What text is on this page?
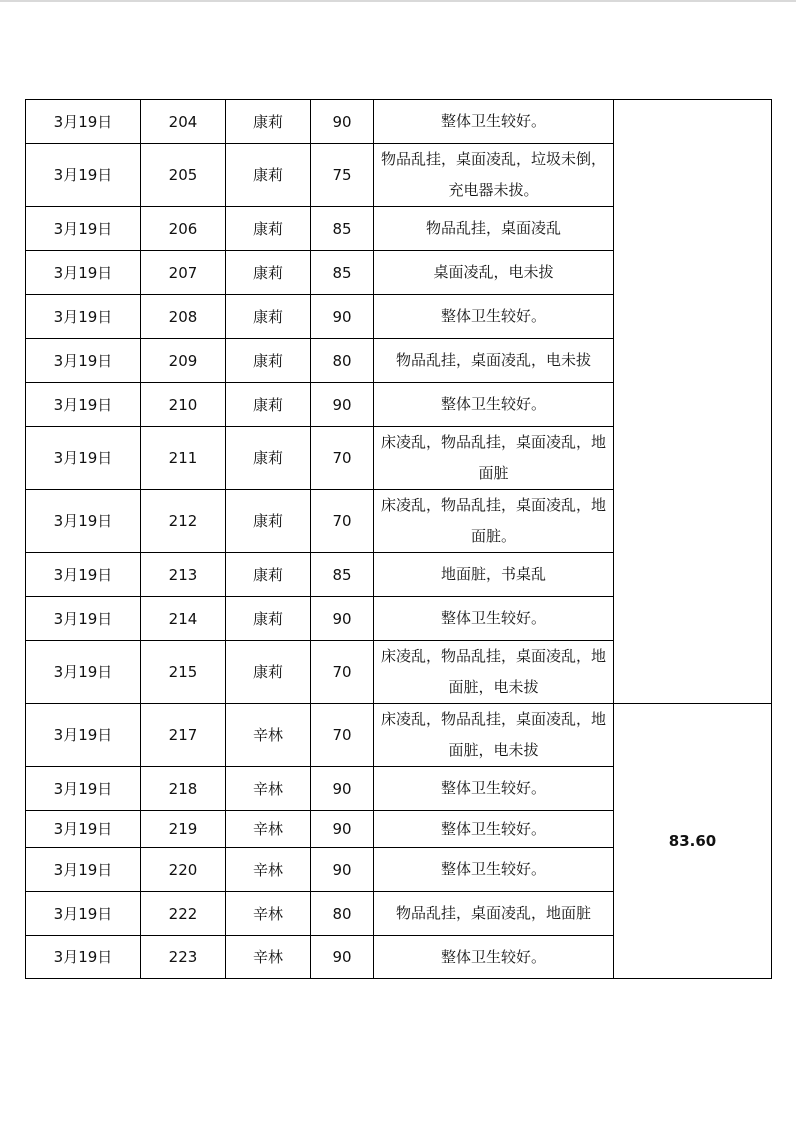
3月19日	204	康莉	90	整体卫生较好。	
3月19日	205	康莉	75	物品乱挂，桌面凌乱，垃圾未倒，充电器未拔。	
3月19日	206	康莉	85	物品乱挂，桌面凌乱	
3月19日	207	康莉	85	桌面凌乱，电未拔	
3月19日	208	康莉	90	整体卫生较好。	
3月19日	209	康莉	80	物品乱挂，桌面凌乱，电未拔	
3月19日	210	康莉	90	整体卫生较好。	
3月19日	211	康莉	70	床凌乱，物品乱挂，桌面凌乱，地面脏	
3月19日	212	康莉	70	床凌乱，物品乱挂，桌面凌乱，地面脏。	
3月19日	213	康莉	85	地面脏，书桌乱	
3月19日	214	康莉	90	整体卫生较好。	
3月19日	215	康莉	70	床凌乱，物品乱挂，桌面凌乱，地面脏，电未拔	
3月19日	217	辛林	70	床凌乱，物品乱挂，桌面凌乱，地面脏，电未拔	83.60
3月19日	218	辛林	90	整体卫生较好。	
3月19日	219	辛林	90	整体卫生较好。	
3月19日	220	辛林	90	整体卫生较好。	
3月19日	222	辛林	80	物品乱挂，桌面凌乱，地面脏	
3月19日	223	辛林	90	整体卫生较好。	
